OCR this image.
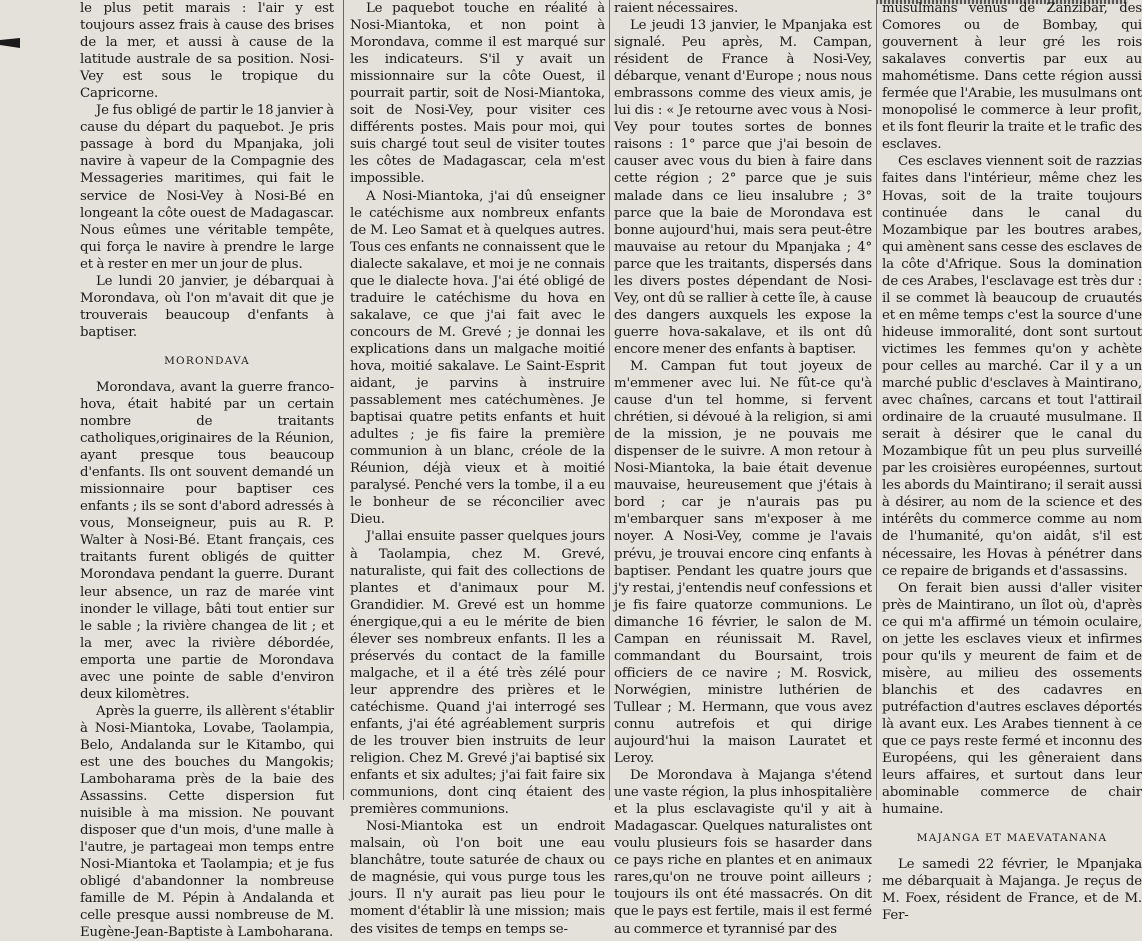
le plus petit marais : l'air y est toujours assez frais à cause des brises de la mer, et aussi à cause de la latitude australe de sa position. Nosi-Vey est sous le tropique du Capricorne.

Je fus obligé de partir le 18 janvier à cause du départ du paquebot. Je pris passage à bord du Mpanjaka, joli navire à vapeur de la Compagnie des Messageries maritimes, qui fait le service de Nosi-Vey à Nosi-Bé en longeant la côte ouest de Madagascar. Nous eûmes une véritable tempête, qui força le navire à prendre le large et à rester en mer un jour de plus.

Le lundi 20 janvier, je débarquai à Morondava, où l'on m'avait dit que je trouverais beaucoup d'enfants à baptiser.

MORONDAVA

Morondava, avant la guerre franco-hova, était habité par un certain nombre de traitants catholiques,originaires de la Réunion, ayant presque tous beaucoup d'enfants. Ils ont souvent demandé un missionnaire pour baptiser ces enfants ; ils se sont d'abord adressés à vous, Monseigneur, puis au R. P. Walter à Nosi-Bé. Etant français, ces traitants furent obligés de quitter Morondava pendant la guerre. Durant leur absence, un raz de marée vint inonder le village, bâti tout entier sur le sable ; la rivière changea de lit ; et la mer, avec la rivière débordée, emporta une partie de Morondava avec une pointe de sable d'environ deux kilomètres.

Après la guerre, ils allèrent s'établir à Nosi-Miantoka, Lovabe, Taolampia, Belo, Andalanda sur le Kitambo, qui est une des bouches du Mangokis; Lamboharama près de la baie des Assassins. Cette dispersion fut nuisible à ma mission. Ne pouvant disposer que d'un mois, d'une malle à l'autre, je partageai mon temps entre Nosi-Miantoka et Taolampia; et je fus obligé d'abandonner la nombreuse famille de M. Pépin à Andalanda et celle presque aussi nombreuse de M. Eugène-Jean-Baptiste à Lamboharana.

Le paquebot touche en réalité à Nosi-Miantoka, et non point à Morondava, comme il est marqué sur les indicateurs. S'il y avait un missionnaire sur la côte Ouest, il pourrait partir, soit de Nosi-Miantoka, soit de Nosi-Vey, pour visiter ces différents postes. Mais pour moi, qui suis chargé tout seul de visiter toutes les côtes de Madagascar, cela m'est impossible.

A Nosi-Miantoka, j'ai dû enseigner le catéchisme aux nombreux enfants de M. Leo Samat et à quelques autres. Tous ces enfants ne connaissent que le dialecte sakalave, et moi je ne connais que le dialecte hova. J'ai été obligé de traduire le catéchisme du hova en sakalave, ce que j'ai fait avec le concours de M. Grevé ; je donnai les explications dans un malgache moitié hova, moitié sakalave. Le Saint-Esprit aidant, je parvins à instruire passablement mes catéchumènes. Je baptisai quatre petits enfants et huit adultes ; je fis faire la première communion à un blanc, créole de la Réunion, déjà vieux et à moitié paralysé. Penché vers la tombe, il a eu le bonheur de se réconcilier avec Dieu.

J'allai ensuite passer quelques jours à Taolampia, chez M. Grevé, naturaliste, qui fait des collections de plantes et d'animaux pour M. Grandidier. M. Grevé est un homme énergique,qui a eu le mérite de bien élever ses nombreux enfants. Il les a préservés du contact de la famille malgache, et il a été très zélé pour leur apprendre des prières et le catéchisme. Quand j'ai interrogé ses enfants, j'ai été agréablement surpris de les trouver bien instruits de leur religion. Chez M. Grevé j'ai baptisé six enfants et six adultes; j'ai fait faire six communions, dont cinq étaient des premières communions.

Nosi-Miantoka est un endroit malsain, où l'on boit une eau blanchâtre, toute saturée de chaux ou de magnésie, qui vous purge tous les jours. Il n'y aurait pas lieu pour le moment d'établir là une mission; mais des visites de temps en temps se-

raient nécessaires.

Le jeudi 13 janvier, le Mpanjaka est signalé. Peu après, M. Campan, résident de France à Nosi-Vey, débarque, venant d'Europe ; nous nous embrassons comme des vieux amis, je lui dis : « Je retourne avec vous à Nosi-Vey pour toutes sortes de bonnes raisons : 1° parce que j'ai besoin de causer avec vous du bien à faire dans cette région ; 2° parce que je suis malade dans ce lieu insalubre ; 3° parce que la baie de Morondava est bonne aujourd'hui, mais sera peut-être mauvaise au retour du Mpanjaka ; 4° parce que les traitants, dispersés dans les divers postes dépendant de Nosi-Vey, ont dû se rallier à cette île, à cause des dangers auxquels les expose la guerre hova-sakalave, et ils ont dû encore mener des enfants à baptiser.

M. Campan fut tout joyeux de m'emmener avec lui. Ne fût-ce qu'à cause d'un tel homme, si fervent chrétien, si dévoué à la religion, si ami de la mission, je ne pouvais me dispenser de le suivre. A mon retour à Nosi-Miantoka, la baie était devenue mauvaise, heureusement que j'étais à bord ; car je n'aurais pas pu m'embarquer sans m'exposer à me noyer. A Nosi-Vey, comme je l'avais prévu, je trouvai encore cinq enfants à baptiser. Pendant les quatre jours que j'y restai, j'entendis neuf confessions et je fis faire quatorze communions. Le dimanche 16 février, le salon de M. Campan en réunissait M. Ravel, commandant du Boursaint, trois officiers de ce navire ; M. Rosvick, Norwégien, ministre luthérien de Tullear ; M. Hermann, que vous avez connu autrefois et qui dirige aujourd'hui la maison Lauratet et Leroy.

De Morondava à Majanga s'étend une vaste région, la plus inhospitalière et la plus esclavagiste qu'il y ait à Madagascar. Quelques naturalistes ont voulu plusieurs fois se hasarder dans ce pays riche en plantes et en animaux rares,qu'on ne trouve point ailleurs ; toujours ils ont été massacrés. On dit que le pays est fertile, mais il est fermé au commerce et tyrannisé par des

musulmans venus de Zanzibar, des Comores ou de Bombay, qui gouvernent à leur gré les rois sakalaves convertis par eux au mahométisme. Dans cette région aussi fermée que l'Arabie, les musulmans ont monopolisé le commerce à leur profit, et ils font fleurir la traite et le trafic des esclaves.

Ces esclaves viennent soit de razzias faites dans l'intérieur, même chez les Hovas, soit de la traite toujours continuée dans le canal du Mozambique par les boutres arabes, qui amènent sans cesse des esclaves de la côte d'Afrique. Sous la domination de ces Arabes, l'esclavage est très dur : il se commet là beaucoup de cruautés et en même temps c'est la source d'une hideuse immoralité, dont sont surtout victimes les femmes qu'on y achète pour celles au marché. Car il y a un marché public d'esclaves à Maintirano, avec chaînes, carcans et tout l'attirail ordinaire de la cruauté musulmane. Il serait à désirer que le canal du Mozambique fût un peu plus surveillé par les croisières européennes, surtout les abords du Maintirano; il serait aussi à désirer, au nom de la science et des intérêts du commerce comme au nom de l'humanité, qu'on aidât, s'il est nécessaire, les Hovas à pénétrer dans ce repaire de brigands et d'assassins.

On ferait bien aussi d'aller visiter près de Maintirano, un îlot où, d'après ce qui m'a affirmé un témoin oculaire, on jette les esclaves vieux et infirmes pour qu'ils y meurent de faim et de misère, au milieu des ossements blanchis et des cadavres en putréfaction d'autres esclaves déportés là avant eux. Les Arabes tiennent à ce que ce pays reste fermé et inconnu des Européens, qui les gêneraient dans leurs affaires, et surtout dans leur abominable commerce de chair humaine.

MAJANGA ET MAEVATANANA

Le samedi 22 février, le Mpanjaka me débarquait à Majanga. Je reçus de M. Foex, résident de France, et de M. Fer-
